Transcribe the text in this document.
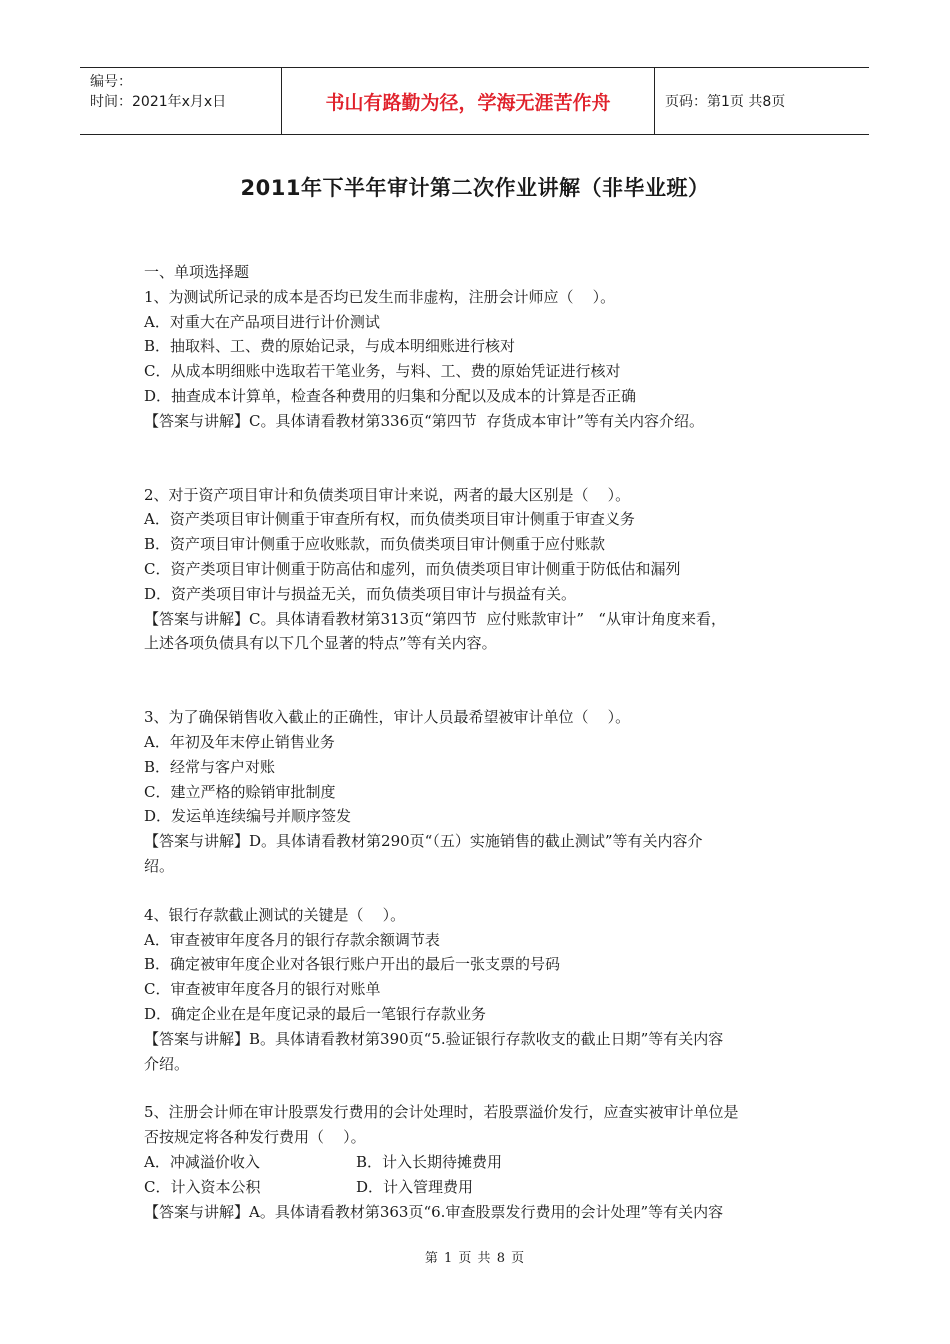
编号：
时间：2021年x月x日	书山有路勤为径，学海无涯苦作舟	页码：第1页 共8页
2011年下半年审计第二次作业讲解（非毕业班）
一、单项选择题
1、为测试所记录的成本是否均已发生而非虚构，注册会计师应（    ）。
A．对重大在产品项目进行计价测试
B．抽取料、工、费的原始记录，与成本明细账进行核对
C．从成本明细账中选取若干笔业务，与料、工、费的原始凭证进行核对
D．抽查成本计算单，检查各种费用的归集和分配以及成本的计算是否正确
【答案与讲解】C。具体请看教材第336页“第四节  存货成本审计”等有关内容介绍。
2、对于资产项目审计和负债类项目审计来说，两者的最大区别是（    ）。
A．资产类项目审计侧重于审查所有权，而负债类项目审计侧重于审查义务
B．资产项目审计侧重于应收账款，而负债类项目审计侧重于应付账款
C．资产类项目审计侧重于防高估和虚列，而负债类项目审计侧重于防低估和漏列
D．资产类项目审计与损益无关，而负债类项目审计与损益有关。
【答案与讲解】C。具体请看教材第313页“第四节  应付账款审计”   “从审计角度来看，
上述各项负债具有以下几个显著的特点”等有关内容。
3、为了确保销售收入截止的正确性，审计人员最希望被审计单位（    ）。
A．年初及年末停止销售业务
B．经常与客户对账
C．建立严格的赊销审批制度
D．发运单连续编号并顺序签发
【答案与讲解】D。具体请看教材第290页“（五）实施销售的截止测试”等有关内容介
绍。
4、银行存款截止测试的关键是（    ）。
A．审查被审年度各月的银行存款余额调节表
B．确定被审年度企业对各银行账户开出的最后一张支票的号码
C．审查被审年度各月的银行对账单
D．确定企业在是年度记录的最后一笔银行存款业务
【答案与讲解】B。具体请看教材第390页“5.验证银行存款收支的截止日期”等有关内容
介绍。
5、注册会计师在审计股票发行费用的会计处理时，若股票溢价发行，应查实被审计单位是
否按规定将各种发行费用（    ）。
A．冲减溢价收入	B．计入长期待摊费用
C．计入资本公积	D．计入管理费用
【答案与讲解】A。具体请看教材第363页“6.审查股票发行费用的会计处理”等有关内容
第 1 页 共 8 页
